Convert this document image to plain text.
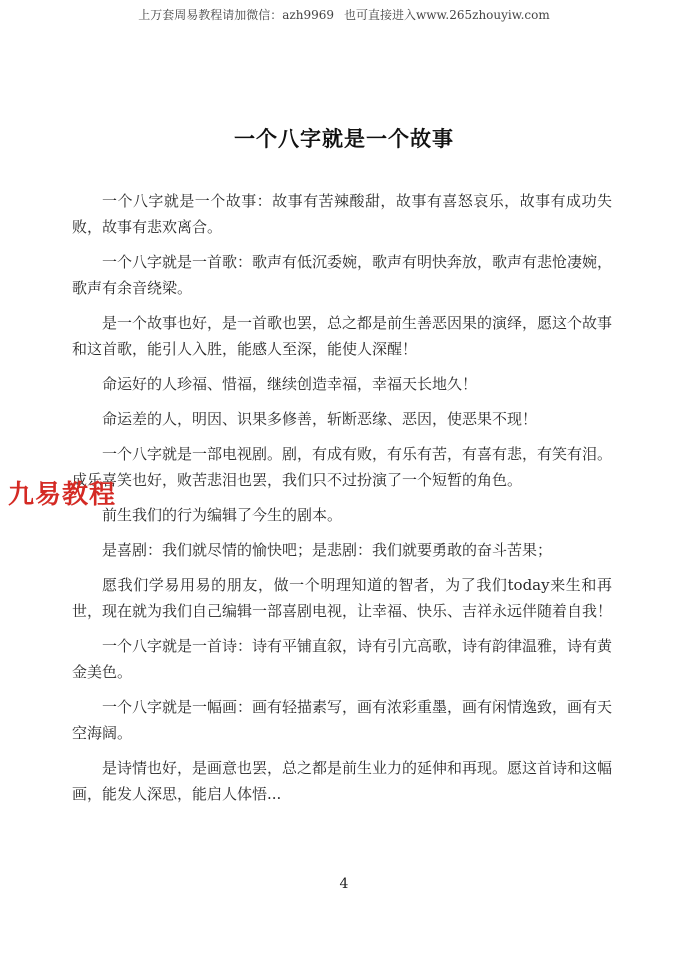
上万套周易教程请加微信：azh9969 也可直接进入www.265zhouyiw.com
一个八字就是一个故事

一个八字就是一个故事：故事有苦辣酸甜，故事有喜怒哀乐，故事有成功失败，故事有悲欢离合。

一个八字就是一首歌：歌声有低沉委婉，歌声有明快奔放，歌声有悲怆凄婉，歌声有余音绕梁。

是一个故事也好，是一首歌也罢，总之都是前生善恶因果的演绎，愿这个故事和这首歌，能引人入胜，能感人至深，能使人深醒！

命运好的人珍福、惜福，继续创造幸福，幸福天长地久！

命运差的人，明因、识果多修善，斩断恶缘、恶因，使恶果不现！

一个八字就是一部电视剧。剧，有成有败，有乐有苦，有喜有悲，有笑有泪。成乐喜笑也好，败苦悲泪也罢，我们只不过扮演了一个短暂的角色。

前生我们的行为编辑了今生的剧本。

是喜剧：我们就尽情的愉快吧；是悲剧：我们就要勇敢的奋斗苦果；

愿我们学易用易的朋友，做一个明理知道的智者，为了我们today来生和再世，现在就为我们自己编辑一部喜剧电视，让幸福、快乐、吉祥永远伴随着自我！

一个八字就是一首诗：诗有平铺直叙，诗有引亢高歌，诗有韵律温雅，诗有黄金美色。

一个八字就是一幅画：画有轻描素写，画有浓彩重墨，画有闲情逸致，画有天空海阔。

是诗情也好，是画意也罢，总之都是前生业力的延伸和再现。愿这首诗和这幅画，能发人深思，能启人体悟...

九易教程
4
